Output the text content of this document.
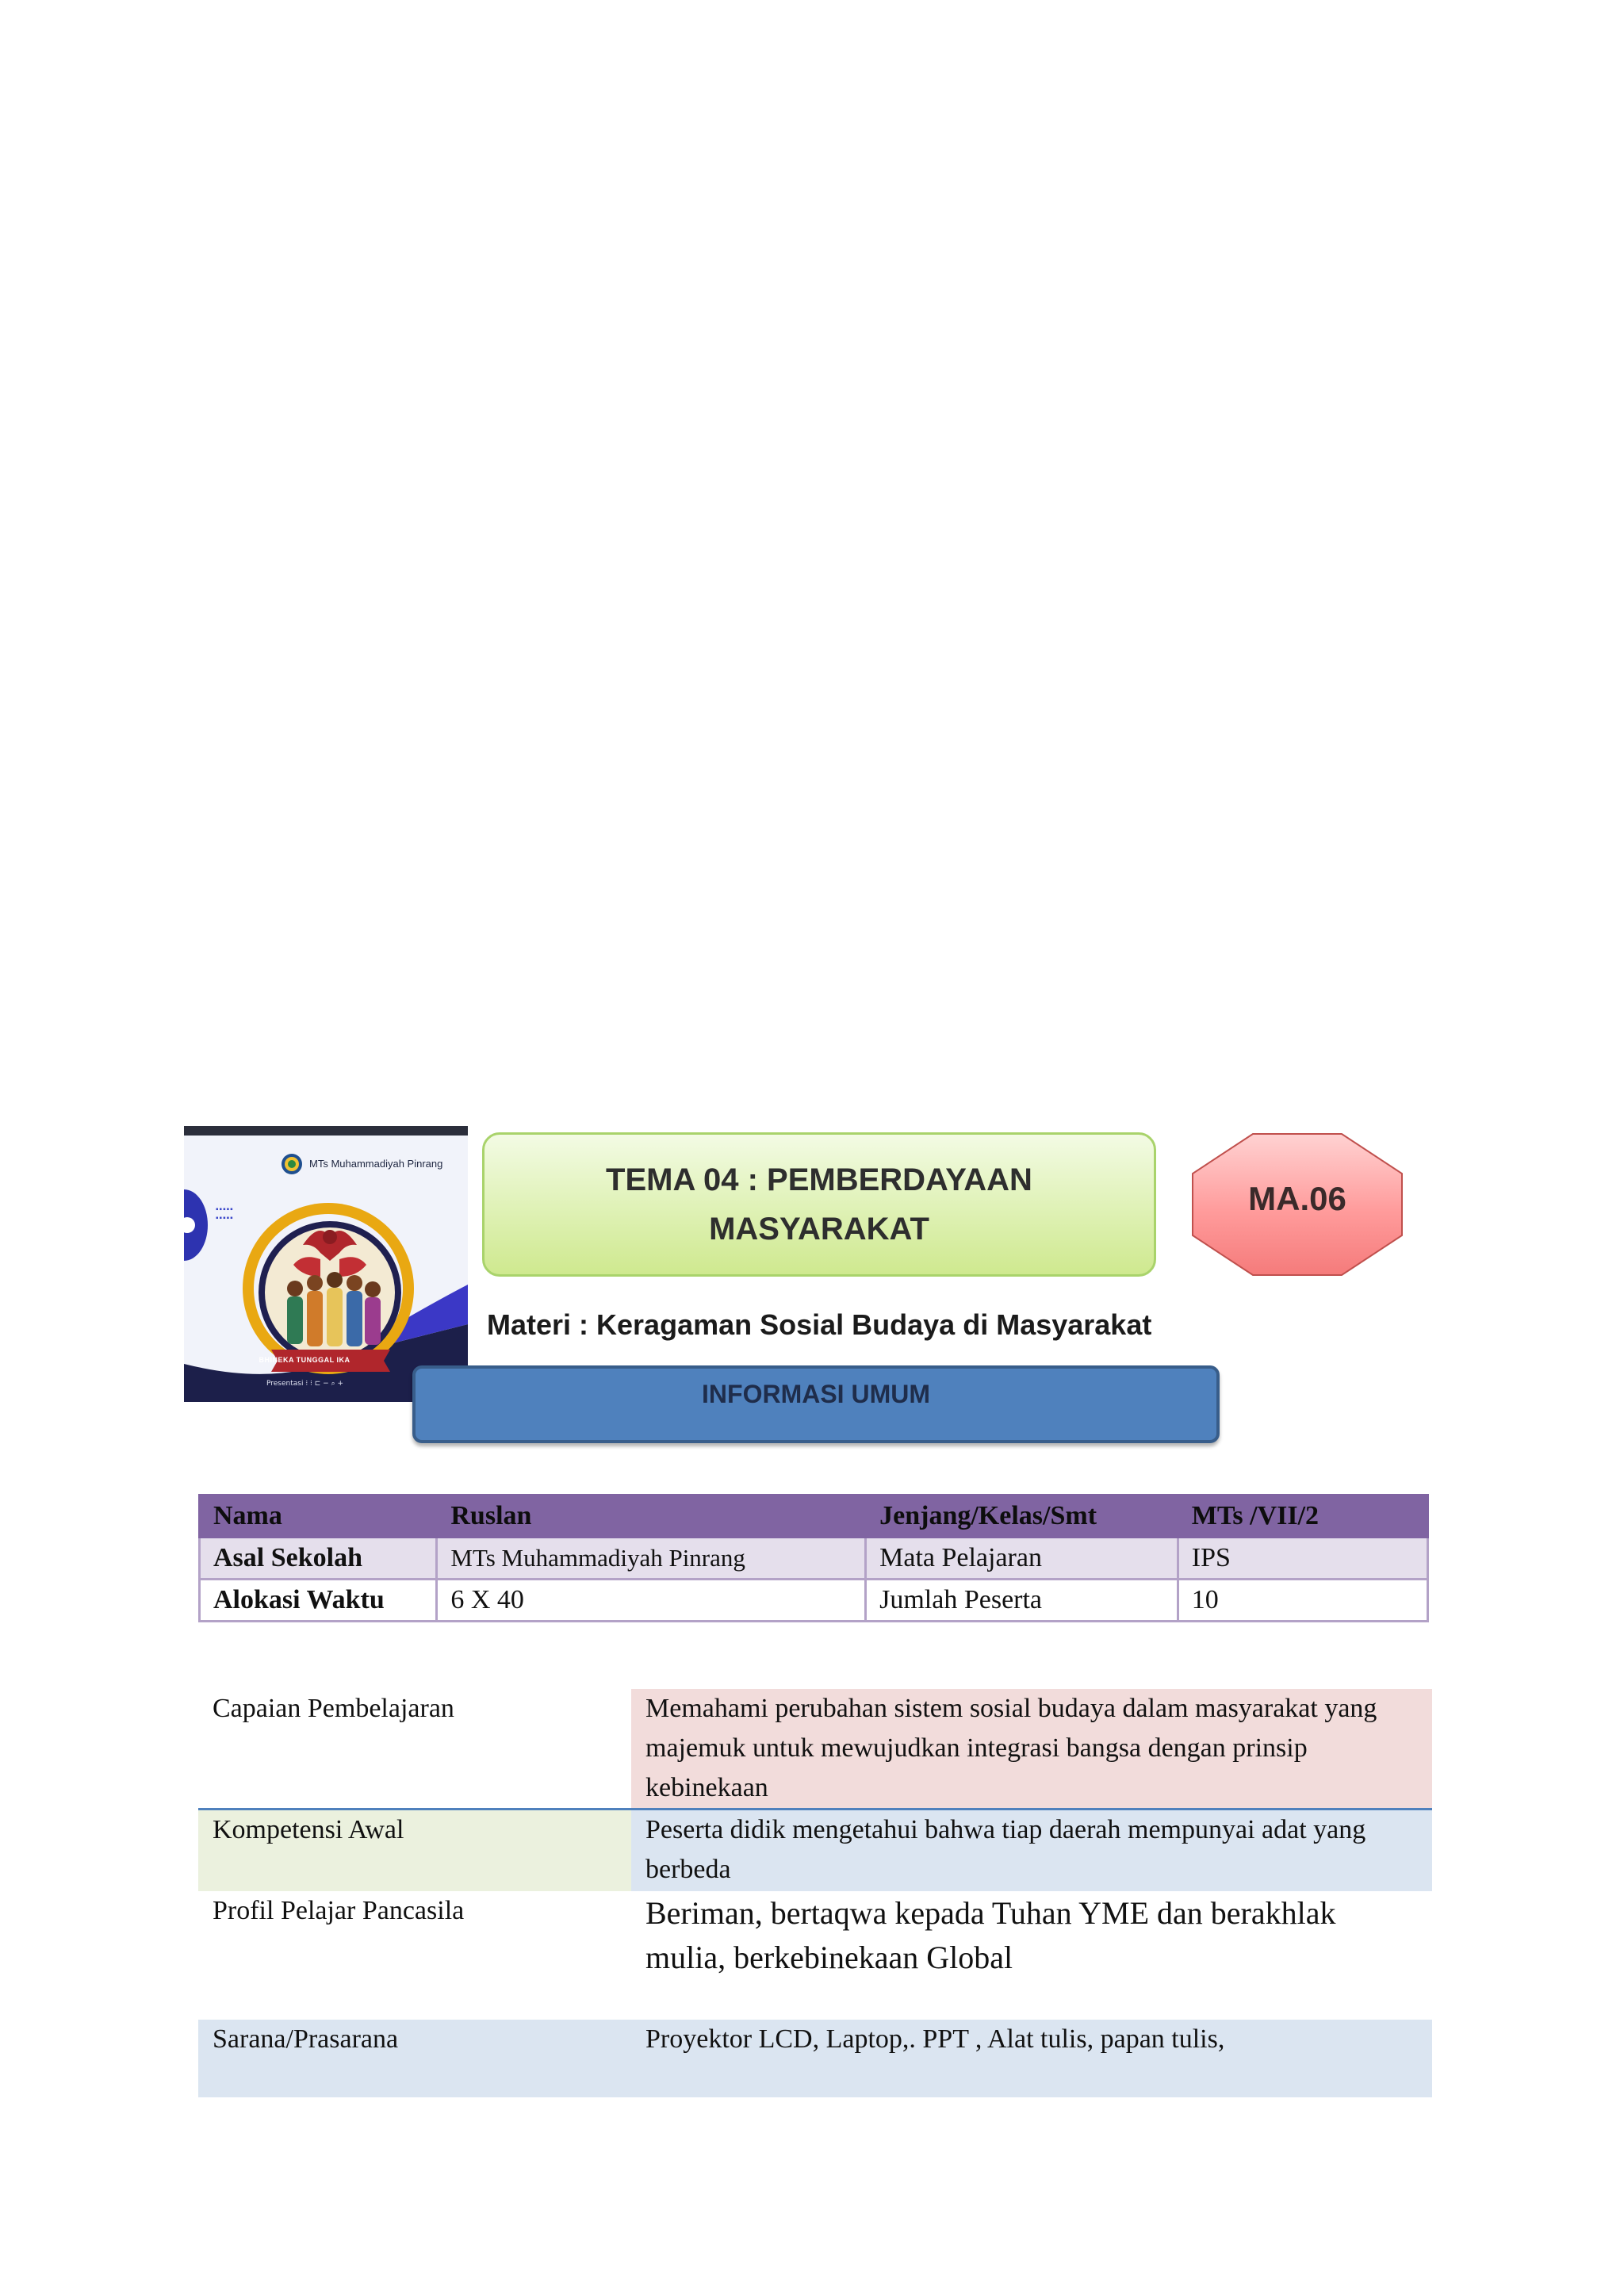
MTs Muhammadiyah Pinrang
▪▪▪▪▪
▪▪▪▪▪
BHINEKA TUNGGAL IKA
Presentasi ⁝ ⁝ ⊏ − ⌕ +
TEMA 04 : PEMBERDAYAAN
MASYARAKAT
MA.06
Materi : Keragaman Sosial Budaya di Masyarakat
INFORMASI UMUM
Nama	Ruslan	Jenjang/Kelas/Smt	MTs /VII/2
Asal Sekolah	MTs Muhammadiyah Pinrang	Mata Pelajaran	IPS
Alokasi Waktu	6 X 40	Jumlah Peserta	10
Capaian Pembelajaran	Memahami perubahan sistem sosial budaya dalam masyarakat yang majemuk untuk mewujudkan integrasi bangsa dengan prinsip kebinekaan
Kompetensi Awal	Peserta didik mengetahui bahwa tiap daerah mempunyai adat yang berbeda
Profil Pelajar Pancasila	Beriman, bertaqwa kepada Tuhan YME dan berakhlak mulia, berkebinekaan Global
Sarana/Prasarana	Proyektor LCD, Laptop,. PPT , Alat tulis, papan tulis,
